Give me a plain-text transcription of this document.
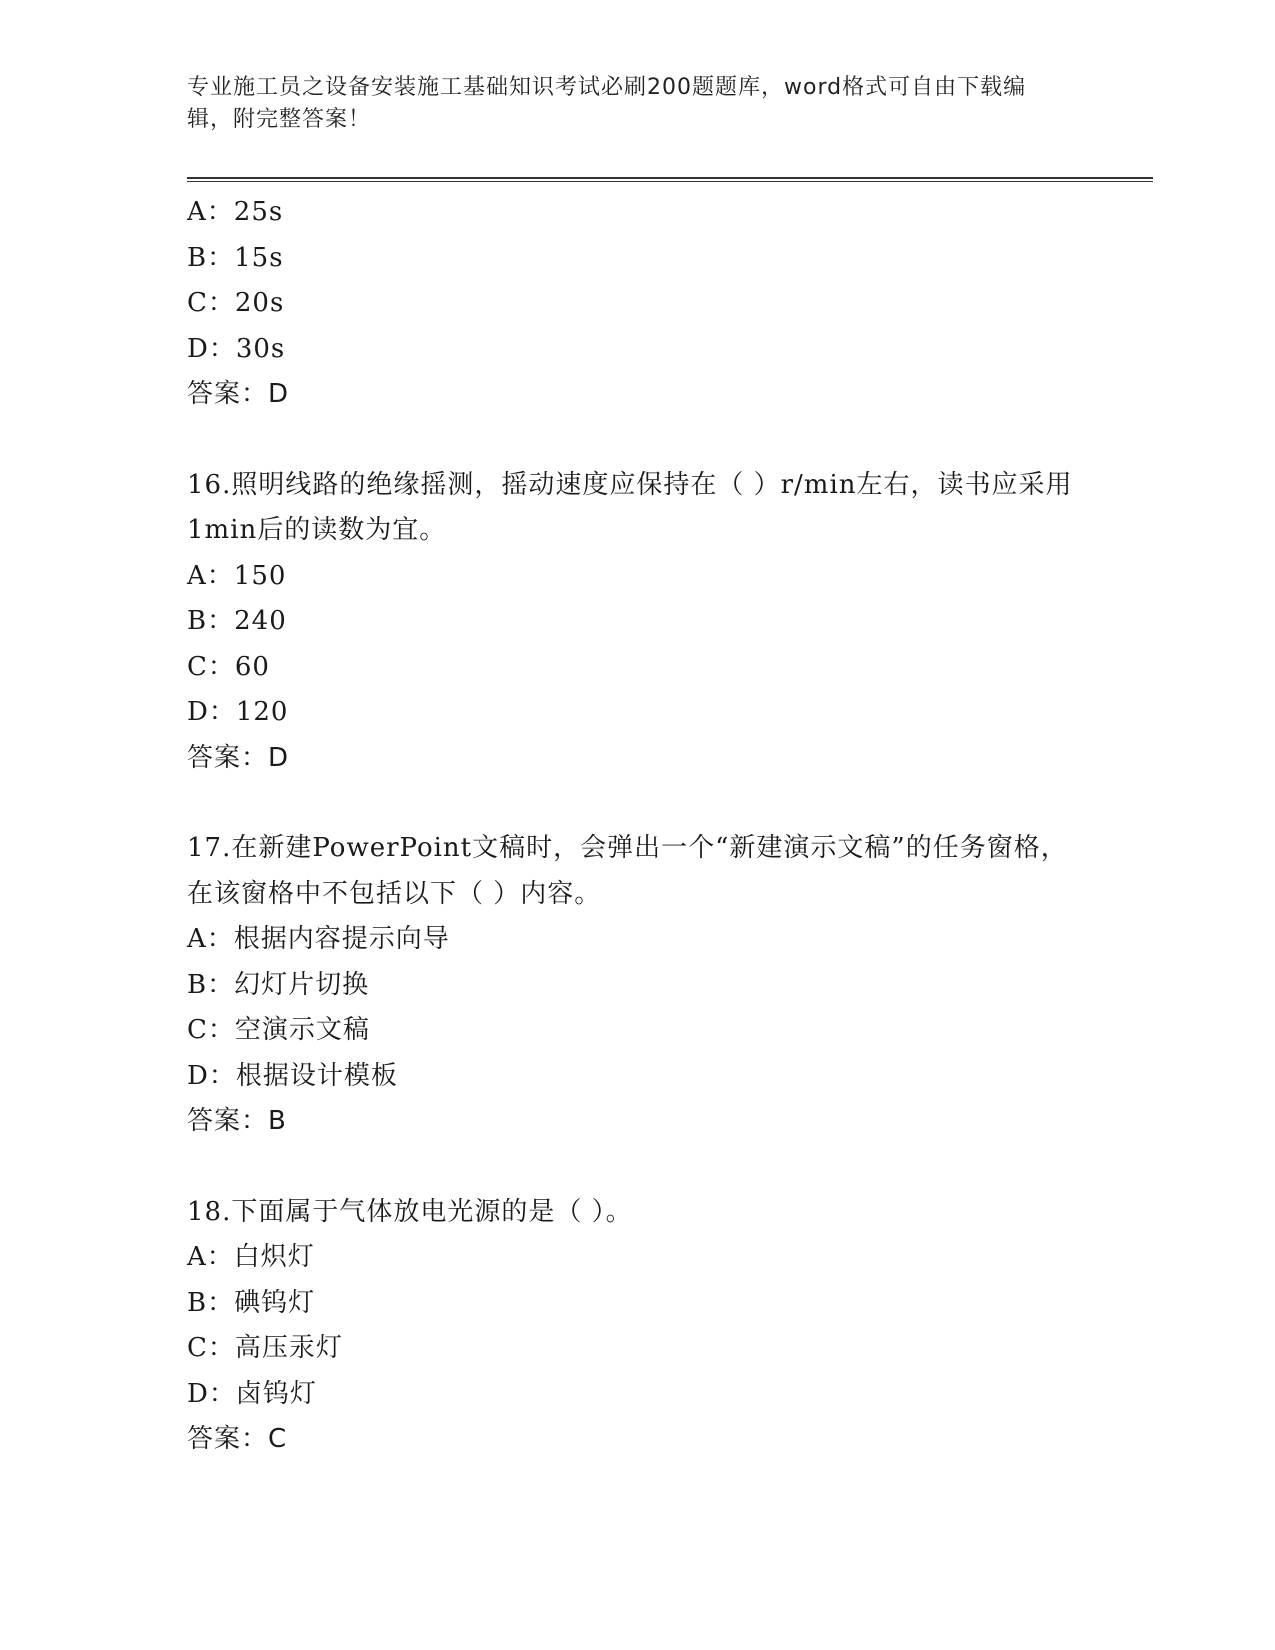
专业施工员之设备安装施工基础知识考试必刷200题题库，word格式可自由下载编辑，附完整答案！
A：25s
B：15s
C：20s
D：30s
答案：D
16.照明线路的绝缘摇测，摇动速度应保持在（ ）r/min左右，读书应采用1min后的读数为宜。
A：150
B：240
C：60
D：120
答案：D
17.在新建PowerPoint文稿时，会弹出一个“新建演示文稿”的任务窗格，在该窗格中不包括以下（ ）内容。
A：根据内容提示向导
B：幻灯片切换
C：空演示文稿
D：根据设计模板
答案：B
18.下面属于气体放电光源的是（ ）。
A：白炽灯
B：碘钨灯
C：高压汞灯
D：卤钨灯
答案：C
